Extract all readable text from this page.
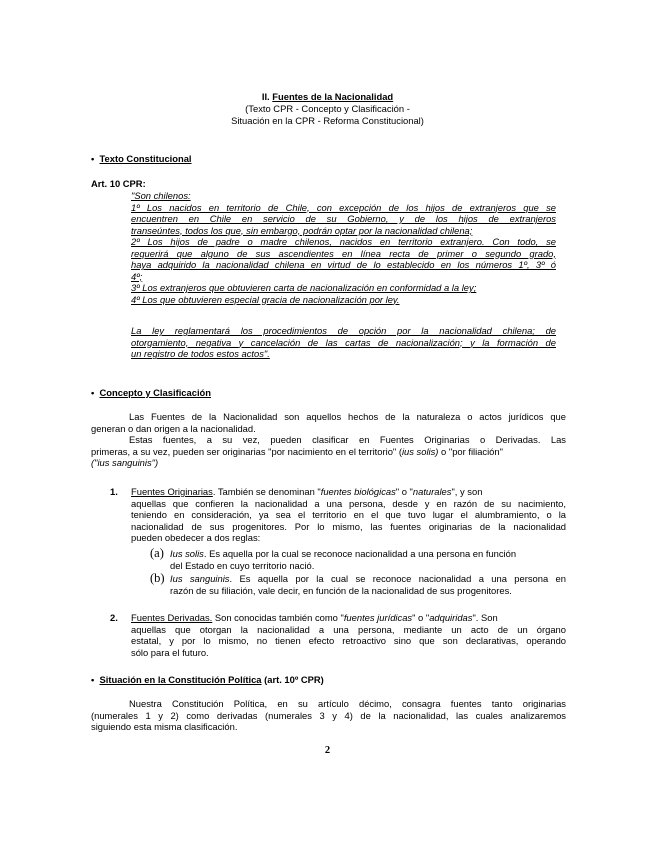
II. Fuentes de la Nacionalidad
(Texto CPR - Concepto y Clasificación -
Situación en la CPR - Reforma Constitucional)
• Texto Constitucional
Art. 10 CPR:
"Son chilenos:
1º Los nacidos en territorio de Chile, con excepción de los hijos de extranjeros que se
encuentren en Chile en servicio de su Gobierno, y de los hijos de extranjeros
transeúntes, todos los que, sin embargo, podrán optar por la nacionalidad chilena;
2º Los hijos de padre o madre chilenos, nacidos en territorio extranjero. Con todo, se
requerirá que alguno de sus ascendientes en línea recta de primer o segundo grado,
haya adquirido la nacionalidad chilena en virtud de lo establecido en los números 1º, 3º ó
4º;
3º Los extranjeros que obtuvieren carta de nacionalización en conformidad a la ley;
4º Los que obtuvieren especial gracia de nacionalización por ley.
La ley reglamentará los procedimientos de opción por la nacionalidad chilena; de
otorgamiento, negativa y cancelación de las cartas de nacionalización; y la formación de
un registro de todos estos actos".
• Concepto y Clasificación
Las Fuentes de la Nacionalidad son aquellos hechos de la naturaleza o actos jurídicos que
generan o dan origen a la nacionalidad.
Estas fuentes, a su vez, pueden clasificar en Fuentes Originarias o Derivadas. Las
primeras, a su vez, pueden ser originarias "por nacimiento en el territorio" (ius solis) o "por filiación"
("ius sanguinis")
1. Fuentes Originarias. También se denominan "fuentes biológicas" o "naturales", y son
aquellas que confieren la nacionalidad a una persona, desde y en razón de su nacimiento,
teniendo en consideración, ya sea el territorio en el que tuvo lugar el alumbramiento, o la
nacionalidad de sus progenitores. Por lo mismo, las fuentes originarias de la nacionalidad
pueden obedecer a dos reglas:
(a) Ius solis. Es aquella por la cual se reconoce nacionalidad a una persona en función
del Estado en cuyo territorio nació.
(b) Ius sanguinis. Es aquella por la cual se reconoce nacionalidad a una persona en
razón de su filiación, vale decir, en función de la nacionalidad de sus progenitores.
2. Fuentes Derivadas. Son conocidas también como "fuentes jurídicas" o "adquiridas". Son
aquellas que otorgan la nacionalidad a una persona, mediante un acto de un órgano
estatal, y por lo mismo, no tienen efecto retroactivo sino que son declarativas, operando
sólo para el futuro.
• Situación en la Constitución Política (art. 10º CPR)
Nuestra Constitución Política, en su artículo décimo, consagra fuentes tanto originarias
(numerales 1 y 2) como derivadas (numerales 3 y 4) de la nacionalidad, las cuales analizaremos
siguiendo esta misma clasificación.
2
